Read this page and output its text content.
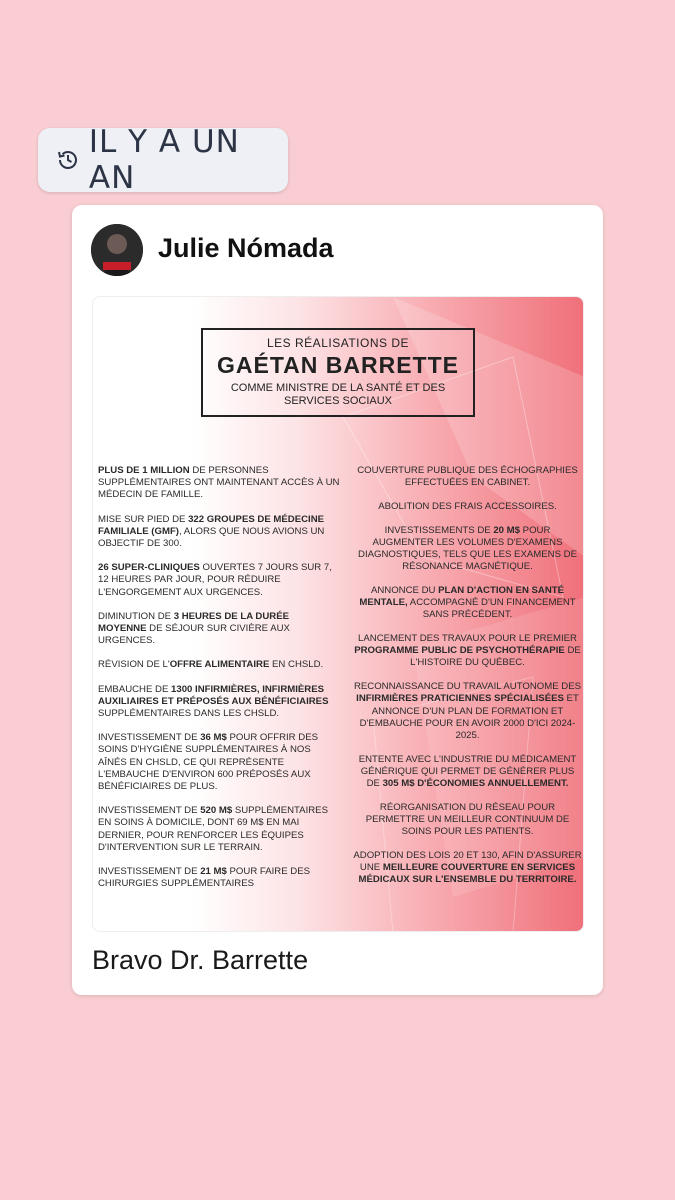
IL Y A UN AN
Julie Nómada
LES RÉALISATIONS DE
GAÉTAN BARRETTE
COMME MINISTRE DE LA SANTÉ ET DES SERVICES SOCIAUX

PLUS DE 1 MILLION DE PERSONNES SUPPLÉMENTAIRES ONT MAINTENANT ACCÈS À UN MÉDECIN DE FAMILLE.

MISE SUR PIED DE 322 GROUPES DE MÉDECINE FAMILIALE (GMF), ALORS QUE NOUS AVIONS UN OBJECTIF DE 300.

26 SUPER-CLINIQUES OUVERTES 7 JOURS SUR 7, 12 HEURES PAR JOUR, POUR RÉDUIRE L'ENGORGEMENT AUX URGENCES.

DIMINUTION DE 3 HEURES DE LA DURÉE MOYENNE DE SÉJOUR SUR CIVIÈRE AUX URGENCES.

RÉVISION DE L'OFFRE ALIMENTAIRE EN CHSLD.

EMBAUCHE DE 1300 INFIRMIÈRES, INFIRMIÈRES AUXILIAIRES ET PRÉPOSÉS AUX BÉNÉFICIAIRES SUPPLÉMENTAIRES DANS LES CHSLD.

INVESTISSEMENT DE 36 M$ POUR OFFRIR DES SOINS D'HYGIÈNE SUPPLÉMENTAIRES À NOS AÎNÉS EN CHSLD, CE QUI REPRÉSENTE L'EMBAUCHE D'ENVIRON 600 PRÉPOSÉS AUX BÉNÉFICIAIRES DE PLUS.

INVESTISSEMENT DE 520 M$ SUPPLÉMENTAIRES EN SOINS À DOMICILE, DONT 69 M$ EN MAI DERNIER, POUR RENFORCER LES ÉQUIPES D'INTERVENTION SUR LE TERRAIN.

INVESTISSEMENT DE 21 M$ POUR FAIRE DES CHIRURGIES SUPPLÉMENTAIRES

COUVERTURE PUBLIQUE DES ÉCHOGRAPHIES EFFECTUÉES EN CABINET.

ABOLITION DES FRAIS ACCESSOIRES.

INVESTISSEMENTS DE 20 M$ POUR AUGMENTER LES VOLUMES D'EXAMENS DIAGNOSTIQUES, TELS QUE LES EXAMENS DE RÉSONANCE MAGNÉTIQUE.

ANNONCE DU PLAN D'ACTION EN SANTÉ MENTALE, ACCOMPAGNÉ D'UN FINANCEMENT SANS PRÉCÉDENT.

LANCEMENT DES TRAVAUX POUR LE PREMIER PROGRAMME PUBLIC DE PSYCHOTHÉRAPIE DE L'HISTOIRE DU QUÉBEC.

RECONNAISSANCE DU TRAVAIL AUTONOME DES INFIRMIÈRES PRATICIENNES SPÉCIALISÉES ET ANNONCE D'UN PLAN DE FORMATION ET D'EMBAUCHE POUR EN AVOIR 2000 D'ICI 2024-2025.

ENTENTE AVEC L'INDUSTRIE DU MÉDICAMENT GÉNÉRIQUE QUI PERMET DE GÉNÉRER PLUS DE 305 M$ D'ÉCONOMIES ANNUELLEMENT.

RÉORGANISATION DU RÉSEAU POUR PERMETTRE UN MEILLEUR CONTINUUM DE SOINS POUR LES PATIENTS.

ADOPTION DES LOIS 20 ET 130, AFIN D'ASSURER UNE MEILLEURE COUVERTURE EN SERVICES MÉDICAUX SUR L'ENSEMBLE DU TERRITOIRE.

Bravo Dr. Barrette
